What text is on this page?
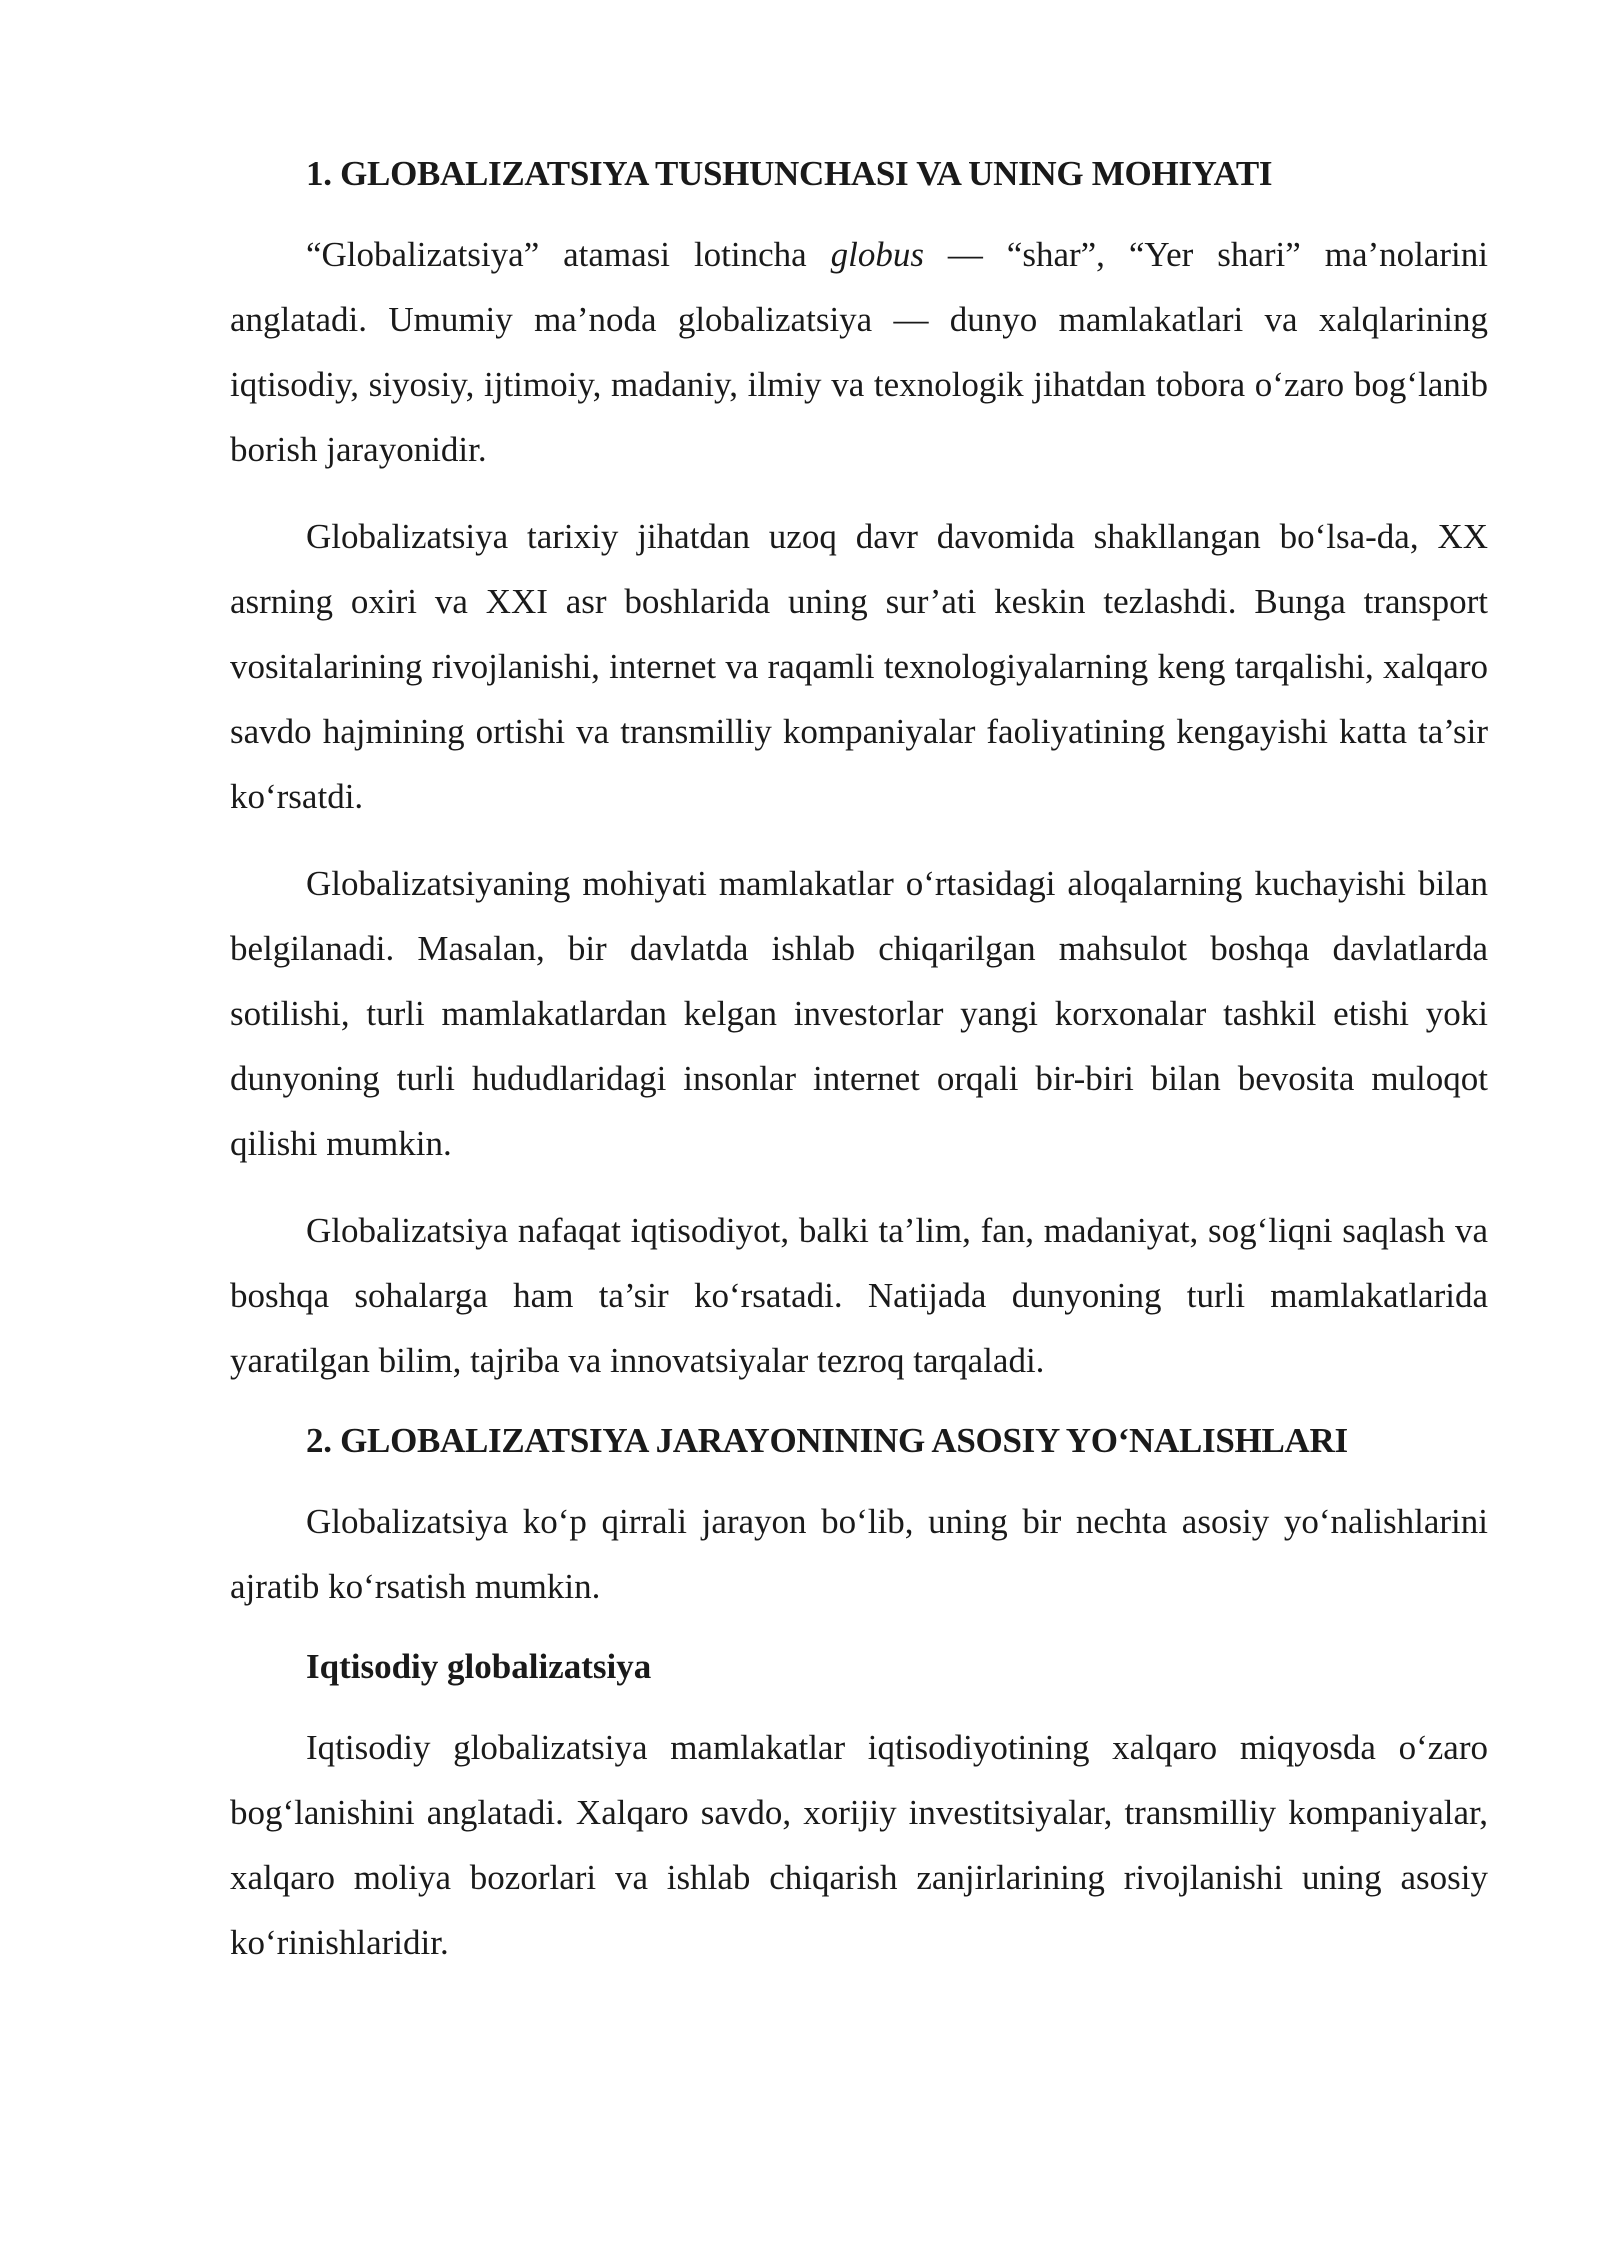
1. GLOBALIZATSIYA TUSHUNCHASI VA UNING MOHIYATI

“Globalizatsiya” atamasi lotincha globus — “shar”, “Yer shari” ma’nolarini anglatadi. Umumiy ma’noda globalizatsiya — dunyo mamlakatlari va xalqlarining iqtisodiy, siyosiy, ijtimoiy, madaniy, ilmiy va texnologik jihatdan tobora o‘zaro bog‘lanib borish jarayonidir.

Globalizatsiya tarixiy jihatdan uzoq davr davomida shakllangan bo‘lsa-da, XX asrning oxiri va XXI asr boshlarida uning sur’ati keskin tezlashdi. Bunga transport vositalarining rivojlanishi, internet va raqamli texnologiyalarning keng tarqalishi, xalqaro savdo hajmining ortishi va transmilliy kompaniyalar faoliyatining kengayishi katta ta’sir ko‘rsatdi.

Globalizatsiyaning mohiyati mamlakatlar o‘rtasidagi aloqalarning kuchayishi bilan belgilanadi. Masalan, bir davlatda ishlab chiqarilgan mahsulot boshqa davlatlarda sotilishi, turli mamlakatlardan kelgan investorlar yangi korxonalar tashkil etishi yoki dunyoning turli hududlaridagi insonlar internet orqali bir-biri bilan bevosita muloqot qilishi mumkin.

Globalizatsiya nafaqat iqtisodiyot, balki ta’lim, fan, madaniyat, sog‘liqni saqlash va boshqa sohalarga ham ta’sir ko‘rsatadi. Natijada dunyoning turli mamlakatlarida yaratilgan bilim, tajriba va innovatsiyalar tezroq tarqaladi.

2. GLOBALIZATSIYA JARAYONINING ASOSIY YO‘NALISHLARI

Globalizatsiya ko‘p qirrali jarayon bo‘lib, uning bir nechta asosiy yo‘nalishlarini ajratib ko‘rsatish mumkin.

Iqtisodiy globalizatsiya

Iqtisodiy globalizatsiya mamlakatlar iqtisodiyotining xalqaro miqyosda o‘zaro bog‘lanishini anglatadi. Xalqaro savdo, xorijiy investitsiyalar, transmilliy kompaniyalar, xalqaro moliya bozorlari va ishlab chiqarish zanjirlarining rivojlanishi uning asosiy ko‘rinishlaridir.
